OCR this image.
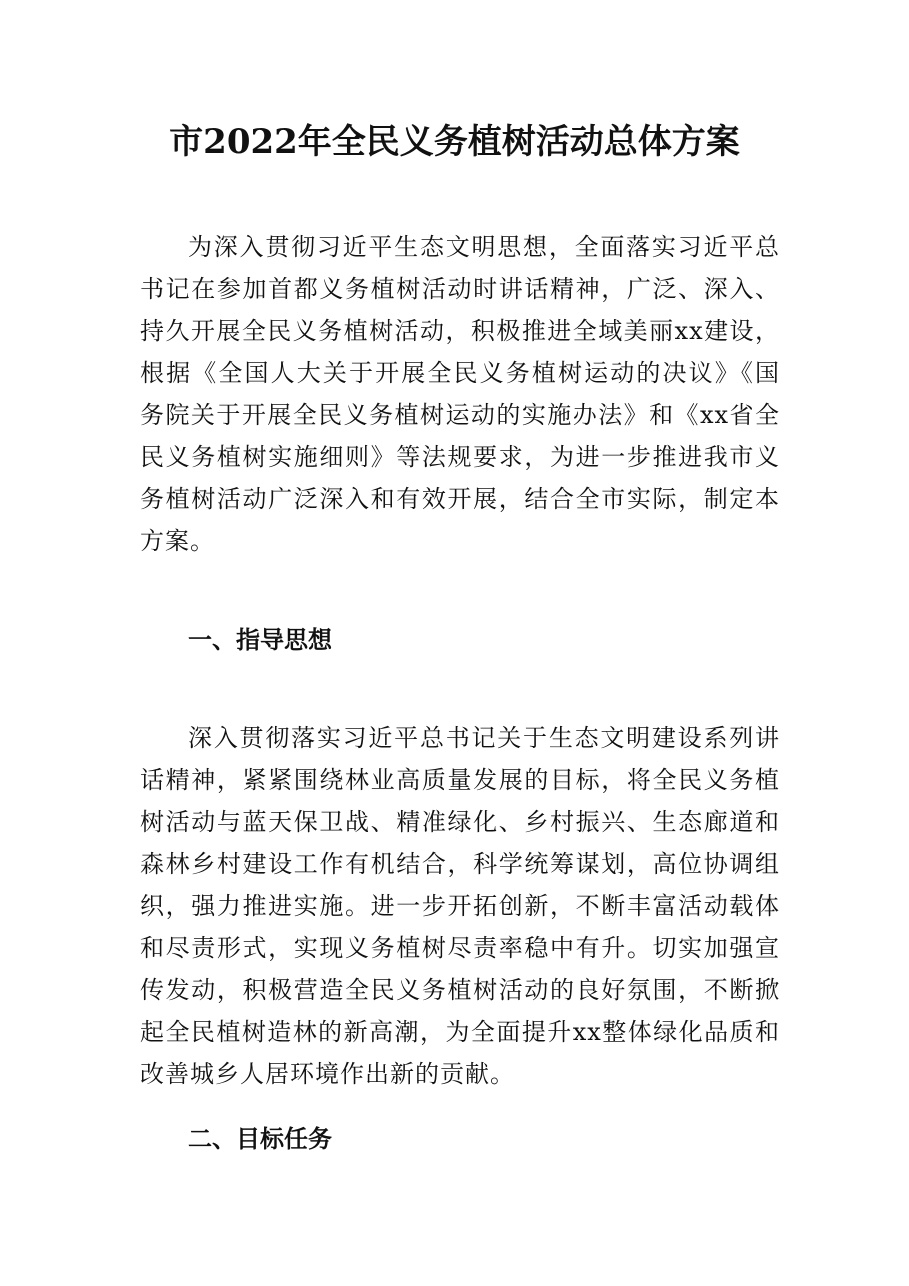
市2022年全民义务植树活动总体方案
为深入贯彻习近平生态文明思想，全面落实习近平总
书记在参加首都义务植树活动时讲话精神，广泛、深入、
持久开展全民义务植树活动，积极推进全域美丽xx建设，
根据《全国人大关于开展全民义务植树运动的决议》《国
务院关于开展全民义务植树运动的实施办法》和《xx省全
民义务植树实施细则》等法规要求，为进一步推进我市义
务植树活动广泛深入和有效开展，结合全市实际，制定本
方案。
一、指导思想
深入贯彻落实习近平总书记关于生态文明建设系列讲
话精神，紧紧围绕林业高质量发展的目标，将全民义务植
树活动与蓝天保卫战、精准绿化、乡村振兴、生态廊道和
森林乡村建设工作有机结合，科学统筹谋划，高位协调组
织，强力推进实施。进一步开拓创新，不断丰富活动载体
和尽责形式，实现义务植树尽责率稳中有升。切实加强宣
传发动，积极营造全民义务植树活动的良好氛围，不断掀
起全民植树造林的新高潮，为全面提升xx整体绿化品质和
改善城乡人居环境作出新的贡献。
二、目标任务
